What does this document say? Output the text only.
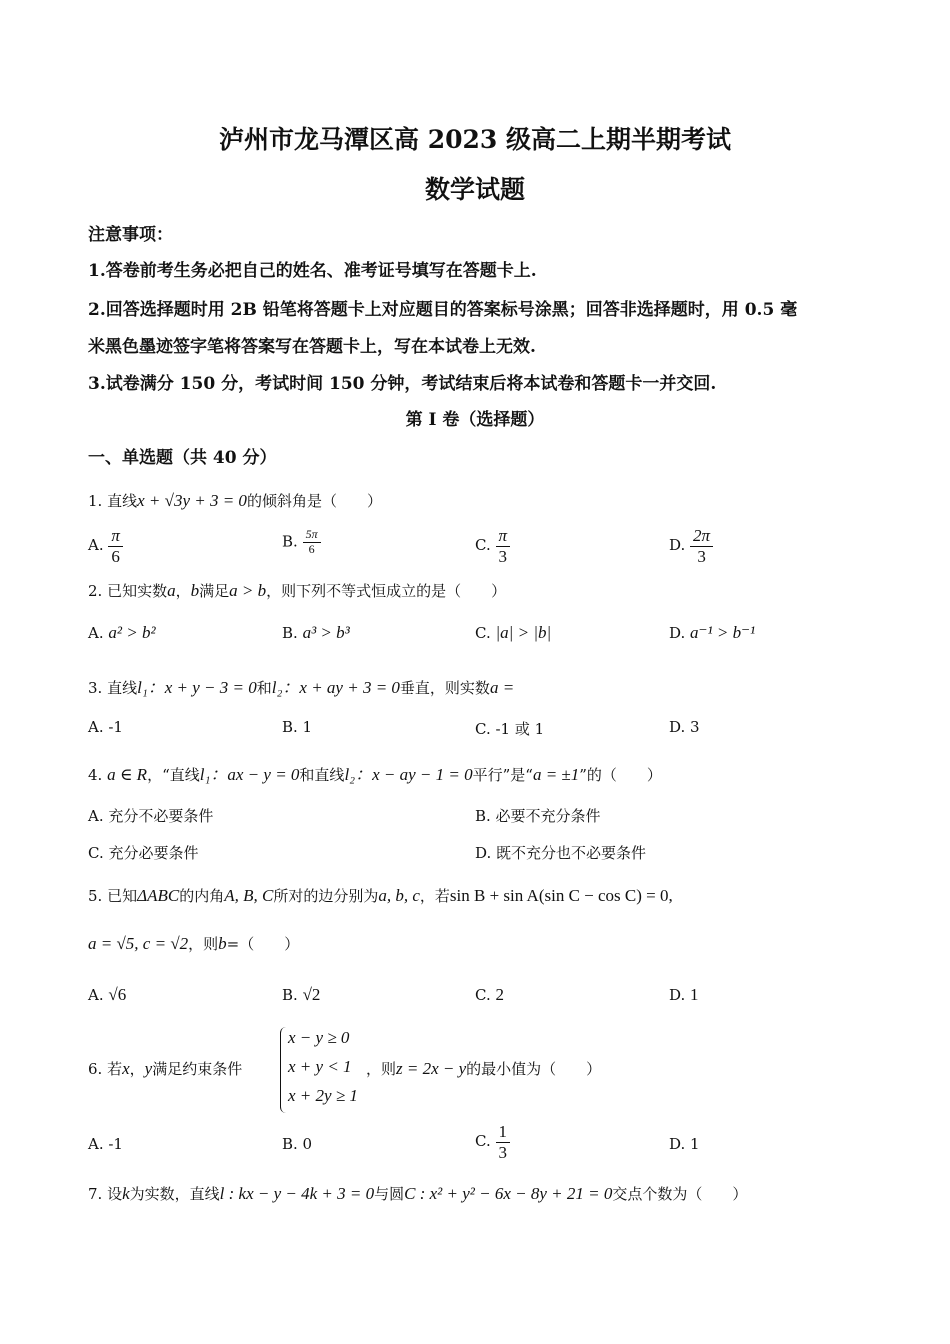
泸州市龙马潭区高 2023 级高二上期半期考试
数学试题
注意事项：
1.答卷前考生务必把自己的姓名、准考证号填写在答题卡上.
2.回答选择题时用 2B 铅笔将答题卡上对应题目的答案标号涂黑；回答非选择题时，用 0.5 毫
米黑色墨迹签字笔将答案写在答题卡上，写在本试卷上无效.
3.试卷满分 150 分，考试时间 150 分钟，考试结束后将本试卷和答题卡一并交回.
第 I 卷（选择题）
一、单选题（共 40 分）
1. 直线x + √3y + 3 = 0的倾斜角是（　　）
A. $\frac{\pi}{6}$	B. $\frac{5\pi}{6}$	C. $\frac{\pi}{3}$	D. $\frac{2\pi}{3}$
2. 已知实数a，b满足a > b，则下列不等式恒成立的是（　　）
A. a² > b²	B. a³ > b³	C. |a| > |b|	D. a⁻¹ > b⁻¹
3. 直线l₁：x + y − 3 = 0和l₂：x + ay + 3 = 0垂直，则实数a =
A. -1	B. 1	C. -1 或 1	D. 3
4. a ∈ R，“直线l₁：ax − y = 0和直线l₂：x − ay − 1 = 0平行”是“a = ±1”的（　　）
A. 充分不必要条件	B. 必要不充分条件
C. 充分必要条件	D. 既不充分也不必要条件
5. 已知ΔABC的内角A, B, C所对的边分别为a, b, c，若sin B + sin A(sin C − cos C) = 0,
a = √5, c = √2，则b=（　　）
A. √6	B. √2	C. 2	D. 1
6. 若x，y满足约束条件
x − y ≥ 0
x + y < 1
x + 2y ≥ 1
，则z = 2x − y的最小值为（　　）
A. -1	B. 0	C. $\frac{1}{3}$	D. 1
7. 设k为实数，直线l : kx − y − 4k + 3 = 0与圆C : x² + y² − 6x − 8y + 21 = 0交点个数为（　　）
